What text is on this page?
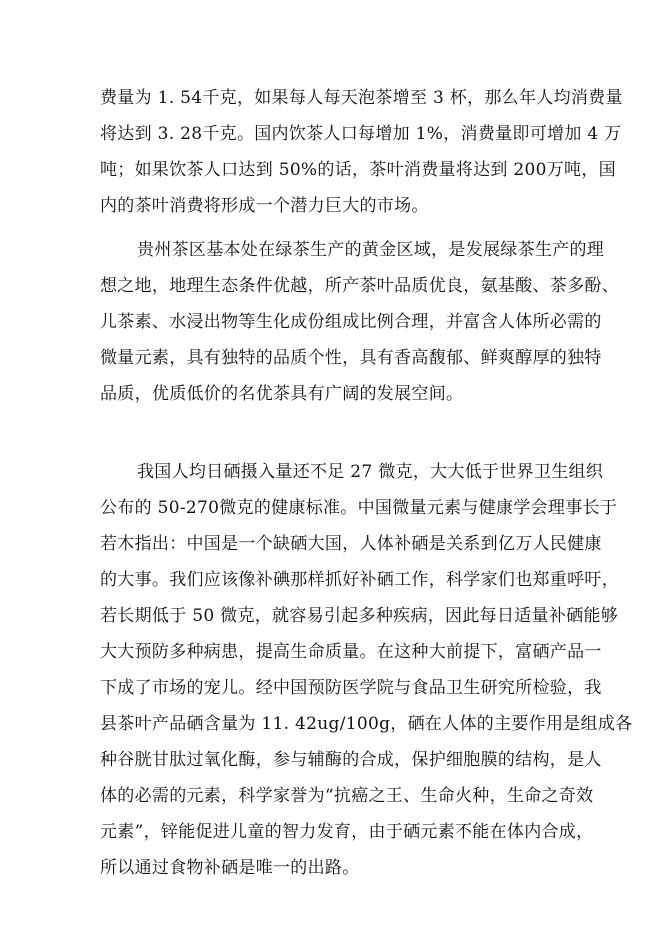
费量为 1. 54千克，如果每人每天泡茶增至 3 杯，那么年人均消费量
将达到 3. 28千克。国内饮茶人口每增加 1%，消费量即可增加 4 万
吨；如果饮茶人口达到 50%的话，茶叶消费量将达到 200万吨，国
内的茶叶消费将形成一个潜力巨大的市场。
贵州茶区基本处在绿茶生产的黄金区域，是发展绿茶生产的理
想之地，地理生态条件优越，所产茶叶品质优良，氨基酸、茶多酚、
儿茶素、水浸出物等生化成份组成比例合理，并富含人体所必需的
微量元素，具有独特的品质个性，具有香高馥郁、鲜爽醇厚的独特
品质，优质低价的名优茶具有广阔的发展空间。
我国人均日硒摄入量还不足 27 微克，大大低于世界卫生组织
公布的 50-270微克的健康标准。中国微量元素与健康学会理事长于
若木指出：中国是一个缺硒大国，人体补硒是关系到亿万人民健康
的大事。我们应该像补碘那样抓好补硒工作，科学家们也郑重呼吁，
若长期低于 50 微克，就容易引起多种疾病，因此每日适量补硒能够
大大预防多种病患，提高生命质量。在这种大前提下，富硒产品一
下成了市场的宠儿。经中国预防医学院与食品卫生研究所检验，我
县茶叶产品硒含量为 11. 42ug/100g，硒在人体的主要作用是组成各
种谷胱甘肽过氧化酶，参与辅酶的合成，保护细胞膜的结构，是人
体的必需的元素，科学家誉为“抗癌之王、生命火种，生命之奇效
元素”，锌能促进儿童的智力发育，由于硒元素不能在体内合成，
所以通过食物补硒是唯一的出路。
